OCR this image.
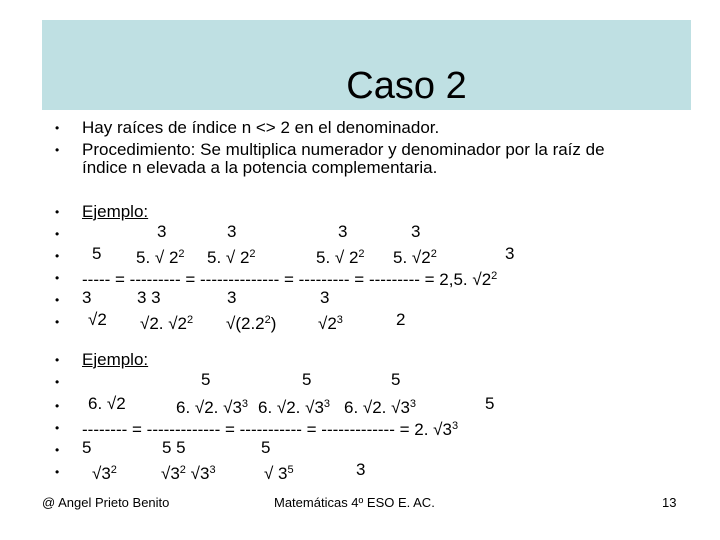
Caso 2
• Hay raíces de índice n <> 2 en el denominador.
• Procedimiento: Se multiplica numerador y denominador por la raíz de
índice n elevada a la potencia complementaria.
• Ejemplo:
•	3	3	3	3
• 5 5. √ $2^2$ 5. √ $2^2$	5. √ $2^2$ 5. $√2^2$	3
• ----- = --------- = -------------- = --------- = --------- = 2,5. $√2^2$
• 3	3 3	3	3
• √2 √2. $√2^2$ $√(2.2^2)$ $√2^3$	2
• Ejemplo:
•	5	5	5
• 6. √2	6. √2. $√3^3$ 6. √2. $√3^3$ 6. √2. $√3^3$	5
• -------- = ------------- = ----------- = ------------- = 2. $√3^3$
• 5	5 5	5
• $√3^2$	$√3^2$ $√3^3$	√ $3^5$	3
@ Angel Prieto Benito	Matemáticas 4º ESO E. AC.	13
